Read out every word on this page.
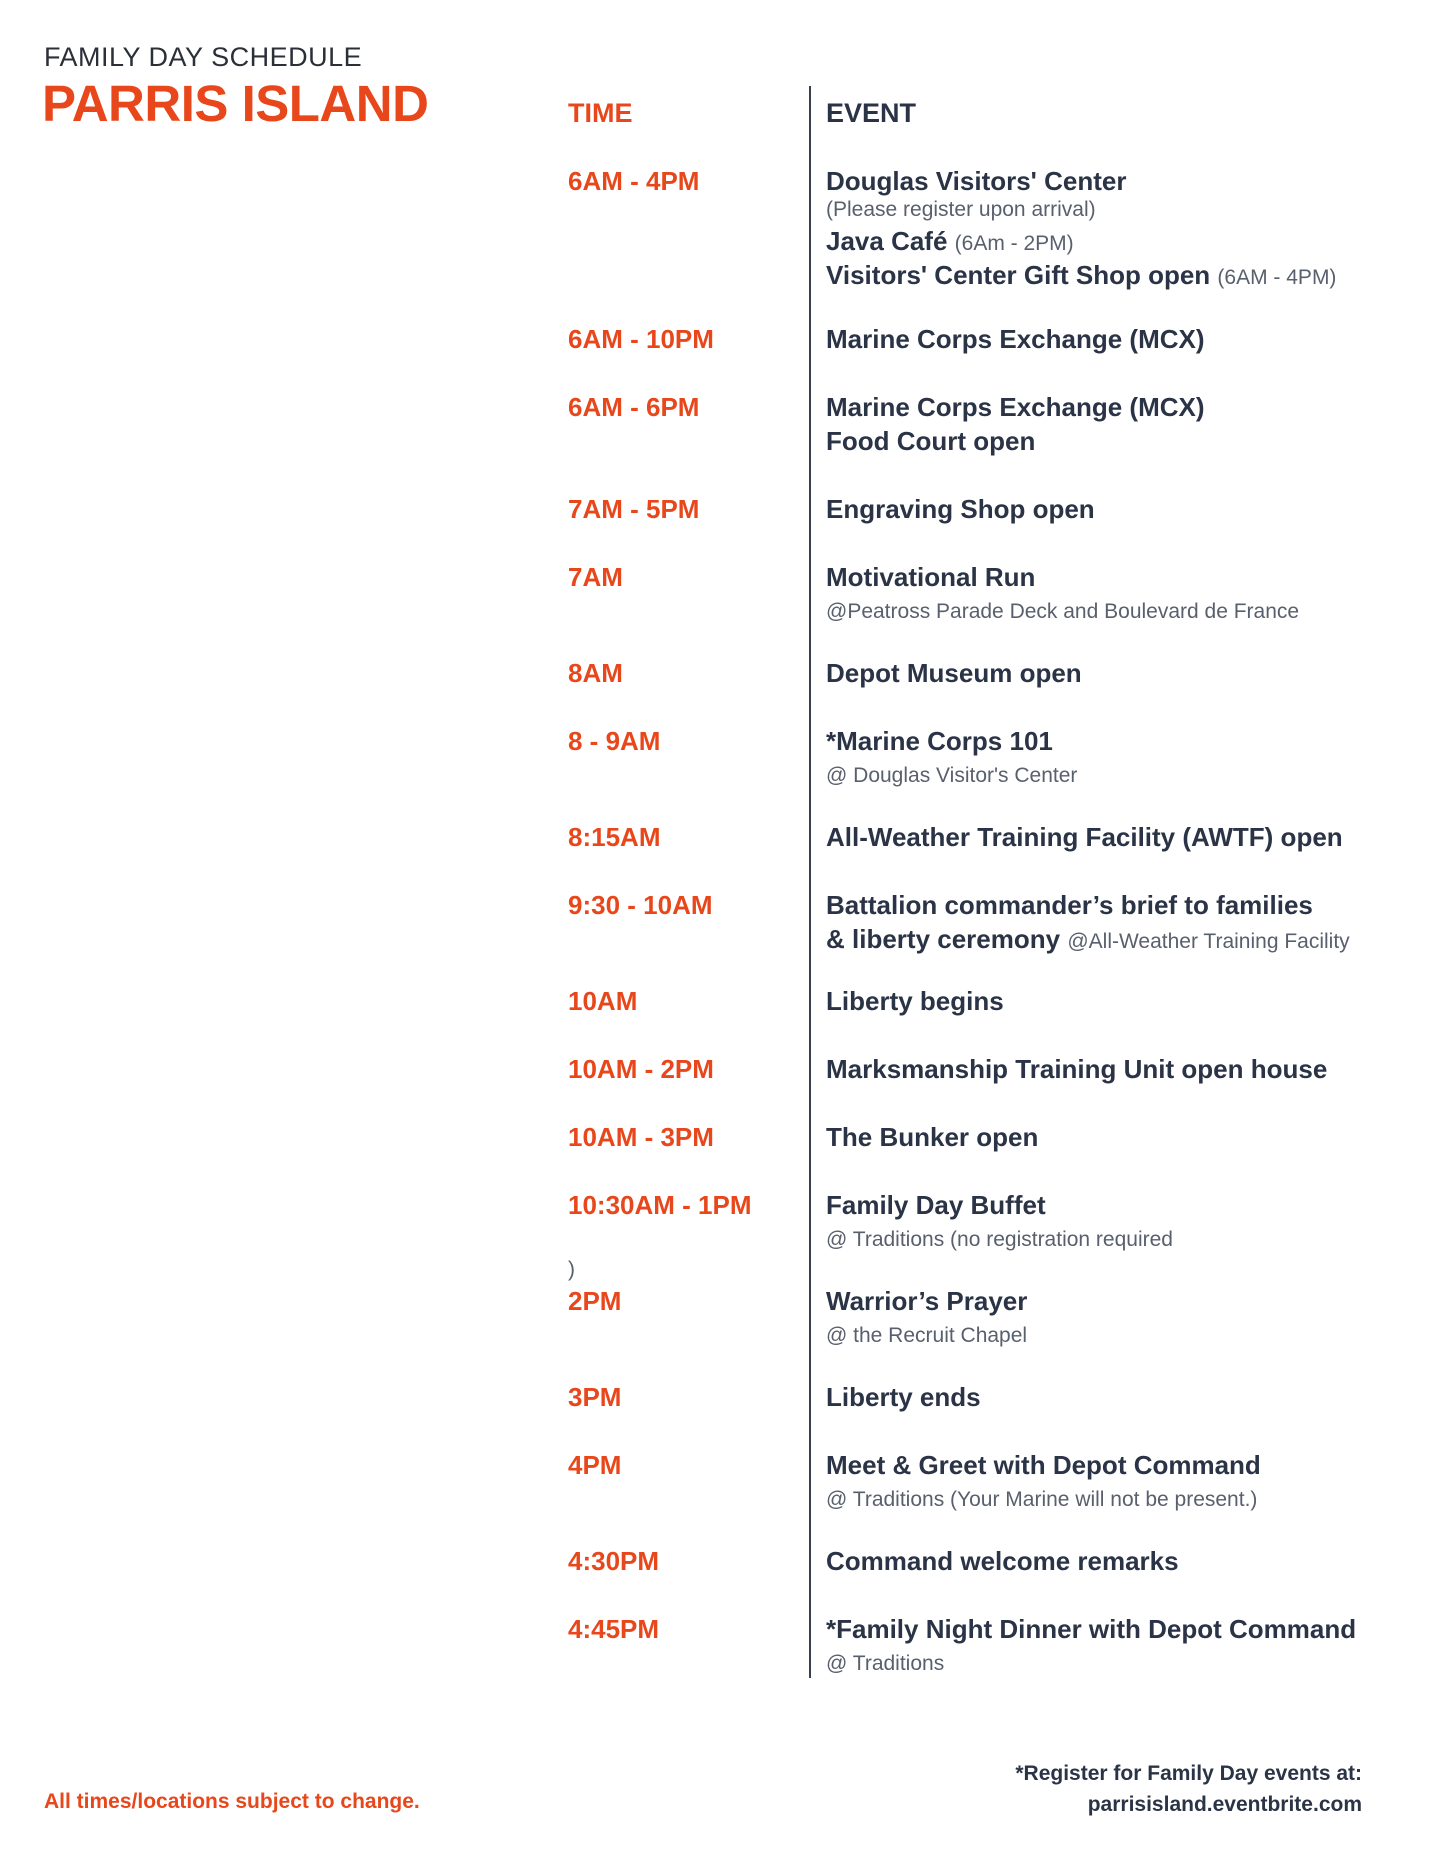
FAMILY DAY SCHEDULE
PARRIS ISLAND	TIME	EVENT
6AM - 4PM	Douglas Visitors' Center
(Please register upon arrival)
Java Café (6Am - 2PM)
Visitors' Center Gift Shop open (6AM - 4PM)
6AM - 10PM	Marine Corps Exchange (MCX)
6AM - 6PM	Marine Corps Exchange (MCX)
Food Court open
7AM - 5PM	Engraving Shop open
7AM	Motivational Run
@Peatross Parade Deck and Boulevard de France
8AM	Depot Museum open
8 - 9AM	*Marine Corps 101
@ Douglas Visitor's Center
8:15AM	All-Weather Training Facility (AWTF) open
9:30 - 10AM	Battalion commander’s brief to families
& liberty ceremony @All-Weather Training Facility
10AM	Liberty begins
10AM - 2PM	Marksmanship Training Unit open house
10AM - 3PM	The Bunker open
10:30AM - 1PM	Family Day Buffet
@ Traditions (no registration required
)
2PM	Warrior’s Prayer
@ the Recruit Chapel
3PM	Liberty ends
4PM	Meet & Greet with Depot Command
@ Traditions (Your Marine will not be present.)
4:30PM	Command welcome remarks
4:45PM	*Family Night Dinner with Depot Command
@ Traditions
All times/locations subject to change.
*Register for Family Day events at:
parrisisland.eventbrite.com
